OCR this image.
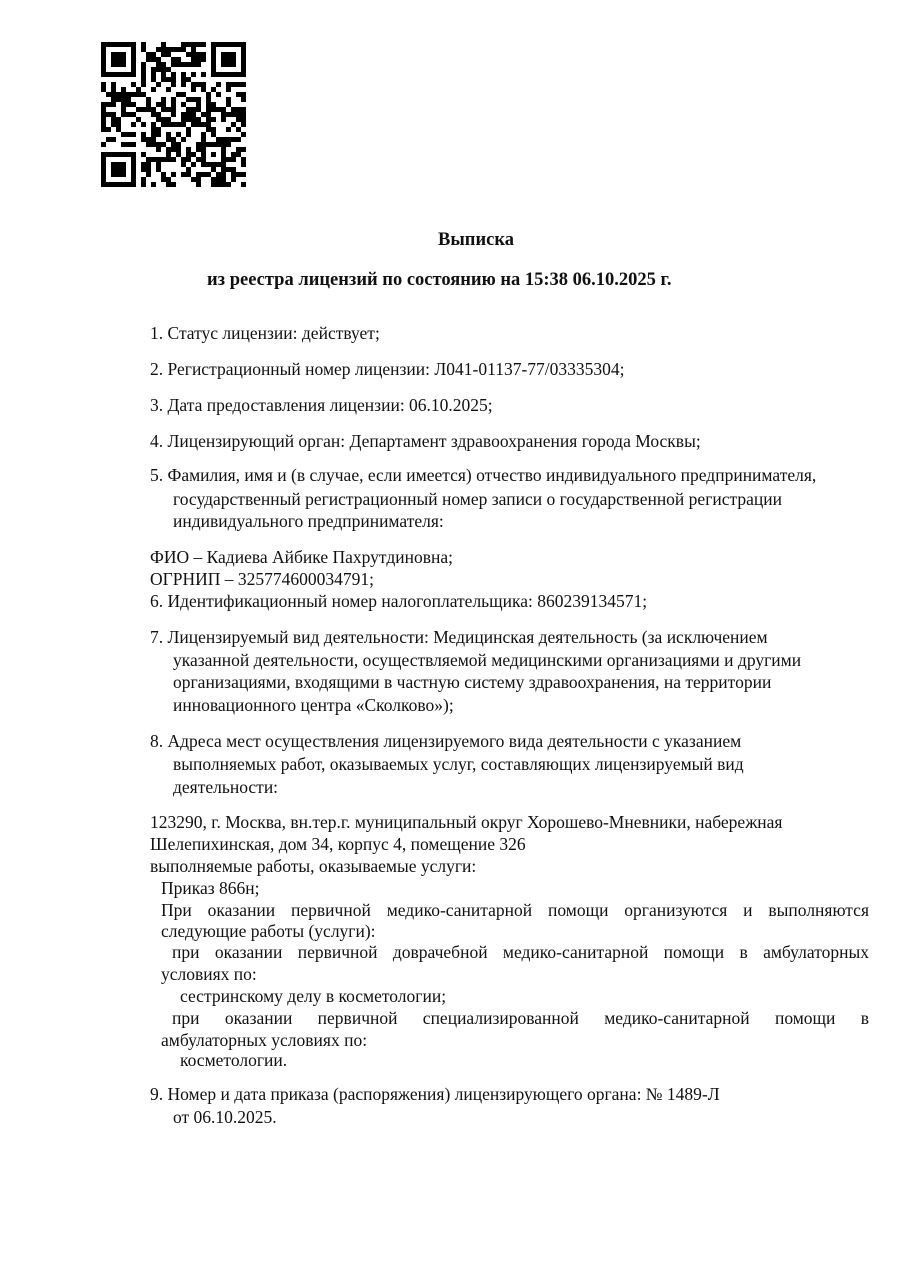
Выписка
из реестра лицензий по состоянию на 15:38 06.10.2025 г.
1. Статус лицензии: действует;
2. Регистрационный номер лицензии: Л041-01137-77/03335304;
3. Дата предоставления лицензии: 06.10.2025;
4. Лицензирующий орган: Департамент здравоохранения города Москвы;
5. Фамилия, имя и (в случае, если имеется) отчество индивидуального предпринимателя,
государственный регистрационный номер записи о государственной регистрации
индивидуального предпринимателя:
ФИО – Кадиева Айбике Пахрутдиновна;
ОГРНИП – 325774600034791;
6. Идентификационный номер налогоплательщика: 860239134571;
7. Лицензируемый вид деятельности: Медицинская деятельность (за исключением
указанной деятельности, осуществляемой медицинскими организациями и другими
организациями, входящими в частную систему здравоохранения, на территории
инновационного центра «Сколково»);
8. Адреса мест осуществления лицензируемого вида деятельности с указанием
выполняемых работ, оказываемых услуг, составляющих лицензируемый вид
деятельности:
123290, г. Москва, вн.тер.г. муниципальный округ Хорошево-Мневники, набережная
Шелепихинская, дом 34, корпус 4, помещение 326
выполняемые работы, оказываемые услуги:
Приказ 866н;
При оказании первичной медико-санитарной помощи организуются и выполняются
следующие работы (услуги):
при оказании первичной доврачебной медико-санитарной помощи в амбулаторных
условиях по:
сестринскому делу в косметологии;
при оказании первичной специализированной медико-санитарной помощи в
амбулаторных условиях по:
косметологии.
9. Номер и дата приказа (распоряжения) лицензирующего органа: № 1489-Л
от 06.10.2025.
